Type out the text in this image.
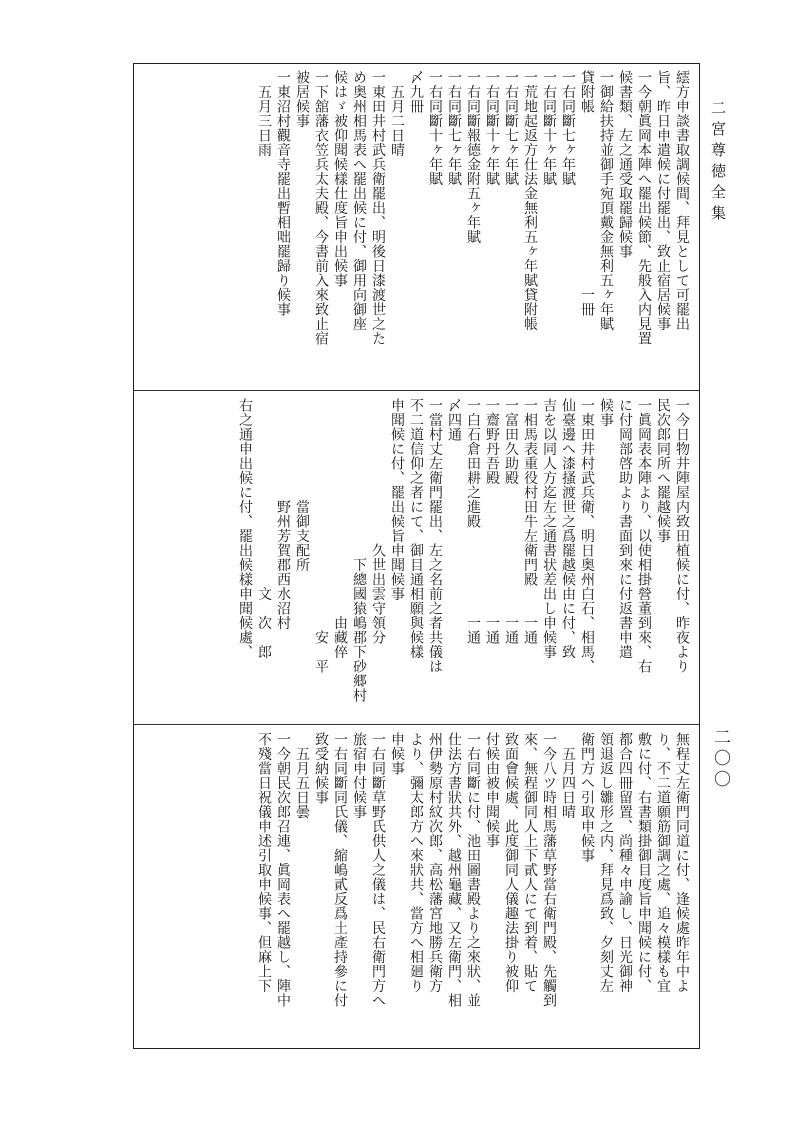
二宮尊徳全集
二〇〇
繧方申談書取調候間、拜見として可罷出
旨、昨日申遣候に付罷出、致止宿居候事
一今朝眞岡本陣へ罷出候節、先般入内見置
候書類、左之通受取罷歸候事
一御給扶持並御手宛頂戴金無利五ヶ年賦
貸附帳　　　　　　　　　　　　一冊
一右同斷七ヶ年賦
一右同斷十ヶ年賦
一荒地起返方仕法金無利五ヶ年賦貸附帳
一右同斷七ヶ年賦
一右同斷十ヶ年賦
一右同斷報德金附五ヶ年賦
一右同斷七ヶ年賦
一右同斷十ヶ年賦
〆九冊
　五月二日晴
一東田井村武兵衛罷出、明後日漆渡世之た
め奥州相馬表へ罷出候に付、御用向御座
候はゞ被仰聞候樣仕度旨申出候事
一下舘藩衣笠兵太夫殿、今書前入來致止宿
被居候事
一東沼村觀音寺罷出暫相咄罷歸り候事
　五月三日雨
一今日物井陣屋内致田植候に付、昨夜より
民次郎同所へ罷越候事
一眞岡表本陣より、以使相掛營董到來、右
に付岡部啓助より書面到來に付返書申遣
候事
一東田井村武兵衛、明日奥州白石、相馬、
仙臺邊へ漆搔渡世之爲罷越候由に付、致
吉を以同人方迄左之通書状差出し申候事
一相馬表重役村田牛左衛門殿　　一通
一富田久助殿　　　　　　　　　一通
一齋野丹吾殿　　　　　　　　　一通
一白石倉田耕之進殿　　　　　　一通
〆四通
一當村丈左衛門罷出、左之名前之者共儀は
不二道信仰之者にて、御目通相願與候樣
申聞候に付、罷出候旨申聞候事
　　　　　　　　　　久世出雲守領分
　　　　　　　　　　　下總國猿嶋郡下砂郷村
　　　　　　　　　　　　　　　由藏倅
　　　　　　　　　　　　　　　　安　平
　　　　　　　當御支配所
　　　　　　　野州芳賀郡西水沼村
　　　　　　　　　　　　　文　次　郎
右之通申出候に付、罷出候樣申聞候處、
無程丈左衛門同道に付、逢候處昨年中よ
り、不二道願筋御調之處、追々模樣も宜
敷に付、右書類掛御目度旨申聞候に付、
都合四冊留置、尚種々申諭し、日光御神
領退返し雛形之内、拜見爲致、夕刻丈左
衛門方へ引取申候事
　五月四日晴
一今八ツ時相馬藩草野當右衛門殿、先觸到
來、無程御同人上下貳人にて到着、貼て
致面會候處、此度御同人儀趣法掛り被仰
付候由被申聞候事
一右同斷に付、池田圖書殿より之來狀、並
仕法方書狀共外、越州龜藏、又左衛門、相
州伊勢原村紋次郎、高松藩宮地勝兵衛方
より、彌太郎方へ來狀共、當方へ相廻り
申候事
一右同斷草野氏供人之儀は、民右衛門方へ
旅宿申付候事
一右同斷同氏儀、縮嶋貳反爲土產持參に付
致受納候事
　五月五日曇
一今朝民次郎召連、眞岡表へ罷越し、陣中
不殘當日祝儀申述引取申候事、但麻上下
